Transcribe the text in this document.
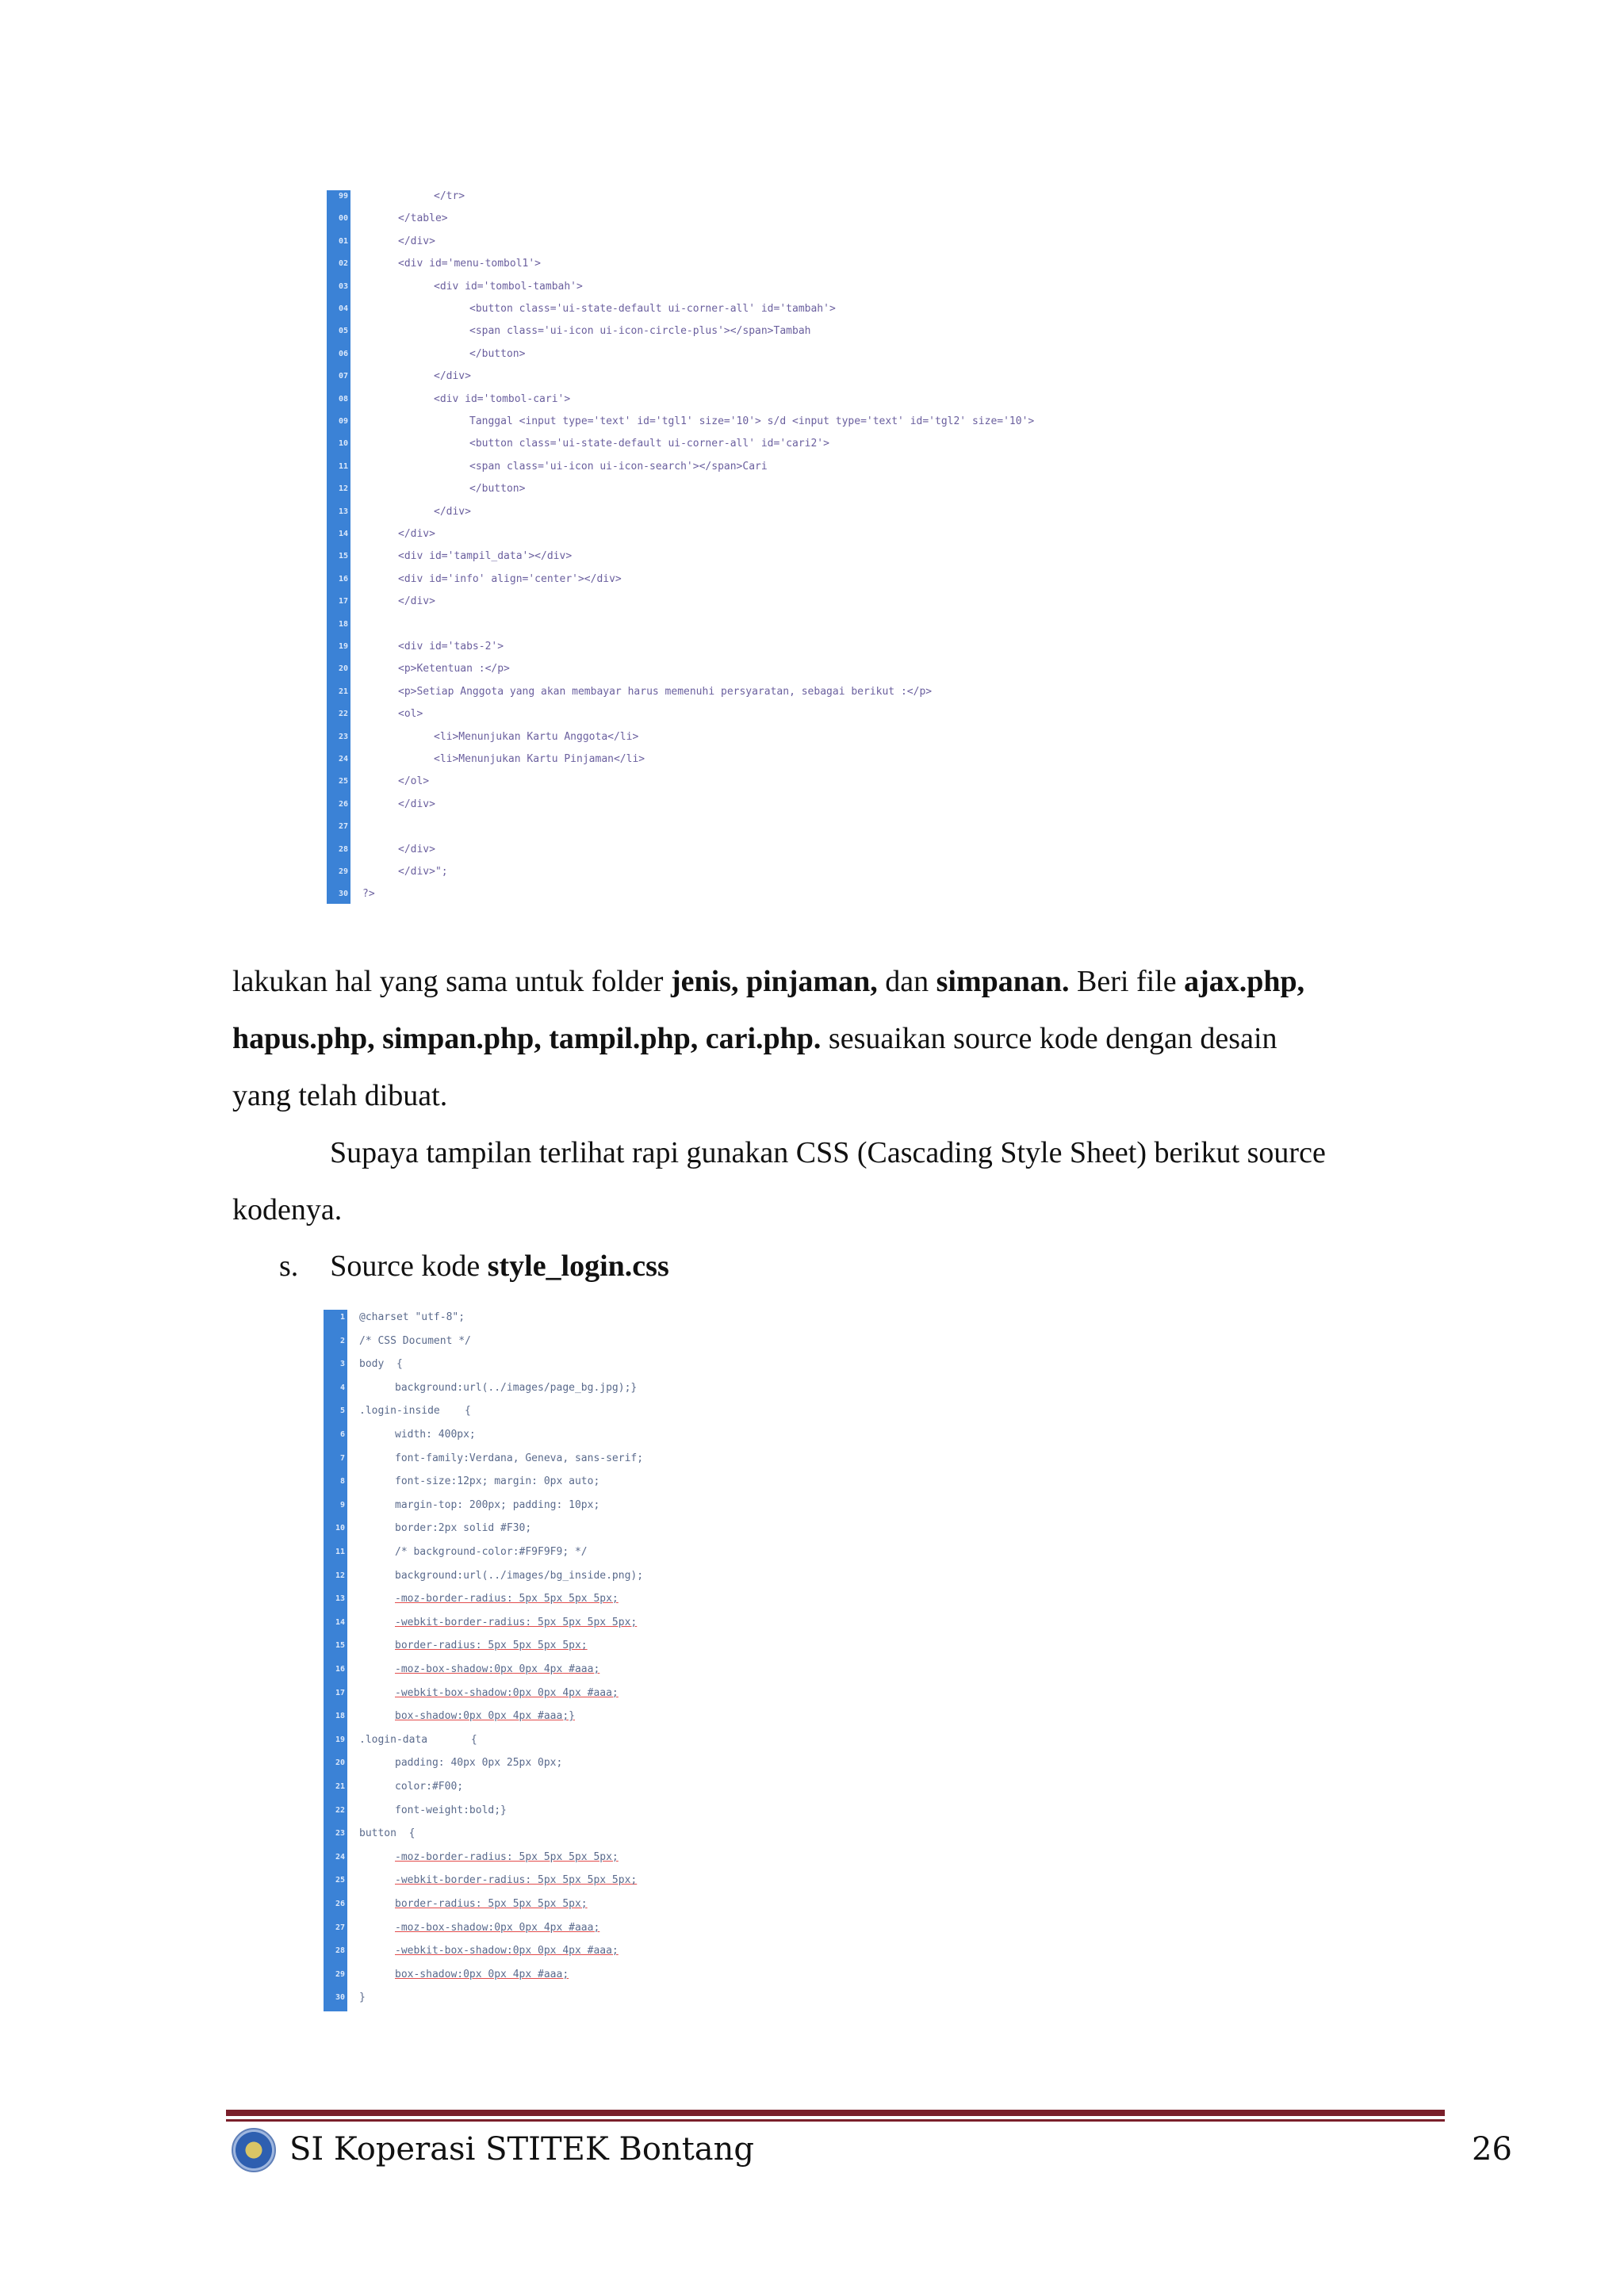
99
00
01
02
03
04
05
06
07
08
09
10
11
12
13
14
15
16
17
18
19
20
21
22
23
24
25
26
27
28
29
30
</tr>
</table>
</div>
<div id='menu-tombol1'>
<div id='tombol-tambah'>
<button class='ui-state-default ui-corner-all' id='tambah'>
<span class='ui-icon ui-icon-circle-plus'></span>Tambah
</button>
</div>
<div id='tombol-cari'>
Tanggal <input type='text' id='tgl1' size='10'> s/d <input type='text' id='tgl2' size='10'>
<button class='ui-state-default ui-corner-all' id='cari2'>
<span class='ui-icon ui-icon-search'></span>Cari
</button>
</div>
</div>
<div id='tampil_data'></div>
<div id='info' align='center'></div>
</div>
<div id='tabs-2'>
<p>Ketentuan :</p>
<p>Setiap Anggota yang akan membayar harus memenuhi persyaratan, sebagai berikut :</p>
<ol>
<li>Menunjukan Kartu Anggota</li>
<li>Menunjukan Kartu Pinjaman</li>
</ol>
</div>
</div>
</div>";
?>
lakukan hal yang sama untuk folder jenis, pinjaman, dan simpanan. Beri file ajax.php,
hapus.php, simpan.php, tampil.php, cari.php. sesuaikan source kode dengan desain
yang telah dibuat.
Supaya tampilan terlihat rapi gunakan CSS (Cascading Style Sheet) berikut source
kodenya.
s. Source kode style_login.css
1
2
3
4
5
6
7
8
9
10
11
12
13
14
15
16
17
18
19
20
21
22
23
24
25
26
27
28
29
30
@charset "utf-8";
/* CSS Document */
body  {
background:url(../images/page_bg.jpg);}
.login-inside    {
width: 400px;
font-family:Verdana, Geneva, sans-serif;
font-size:12px; margin: 0px auto;
margin-top: 200px; padding: 10px;
border:2px solid #F30;
/* background-color:#F9F9F9; */
background:url(../images/bg_inside.png);
-moz-border-radius: 5px 5px 5px 5px;
-webkit-border-radius: 5px 5px 5px 5px;
border-radius: 5px 5px 5px 5px;
-moz-box-shadow:0px 0px 4px #aaa;
-webkit-box-shadow:0px 0px 4px #aaa;
box-shadow:0px 0px 4px #aaa;}
.login-data       {
padding: 40px 0px 25px 0px;
color:#F00;
font-weight:bold;}
button  {
-moz-border-radius: 5px 5px 5px 5px;
-webkit-border-radius: 5px 5px 5px 5px;
border-radius: 5px 5px 5px 5px;
-moz-box-shadow:0px 0px 4px #aaa;
-webkit-box-shadow:0px 0px 4px #aaa;
box-shadow:0px 0px 4px #aaa;
}
SI Koperasi STITEK Bontang	26
